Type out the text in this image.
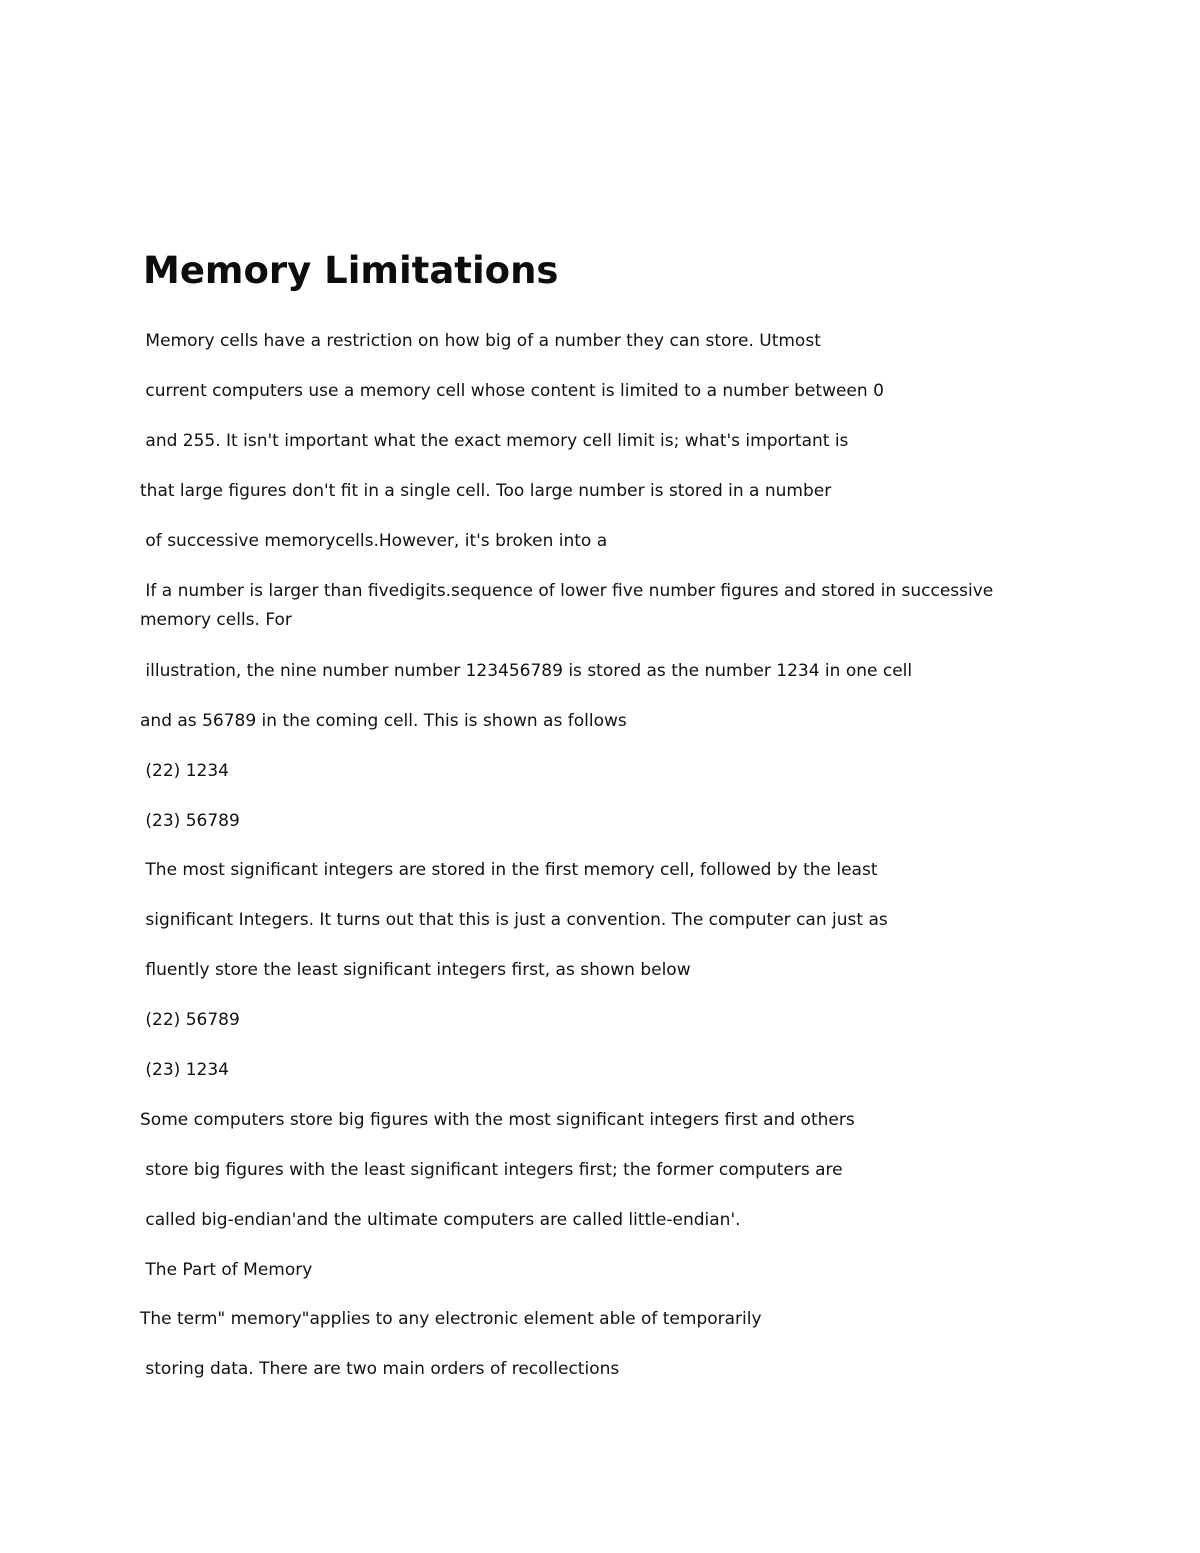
Memory Limitations

Memory cells have a restriction on how big of a number they can store. Utmost

current computers use a memory cell whose content is limited to a number between 0

and 255. It isn't important what the exact memory cell limit is; what's important is

that large figures don't fit in a single cell. Too large number is stored in a number

of successive memorycells.However, it's broken into a

If a number is larger than fivedigits.sequence of lower five number figures and stored in successive memory cells. For

illustration, the nine number number 123456789 is stored as the number 1234 in one cell

and as 56789 in the coming cell. This is shown as follows

(22) 1234

(23) 56789

The most significant integers are stored in the first memory cell, followed by the least

significant Integers. It turns out that this is just a convention. The computer can just as

fluently store the least significant integers first, as shown below

(22) 56789

(23) 1234

Some computers store big figures with the most significant integers first and others

store big figures with the least significant integers first; the former computers are

called big-endian'and the ultimate computers are called little-endian'.

The Part of Memory

The term" memory"applies to any electronic element able of temporarily

storing data. There are two main orders of recollections
